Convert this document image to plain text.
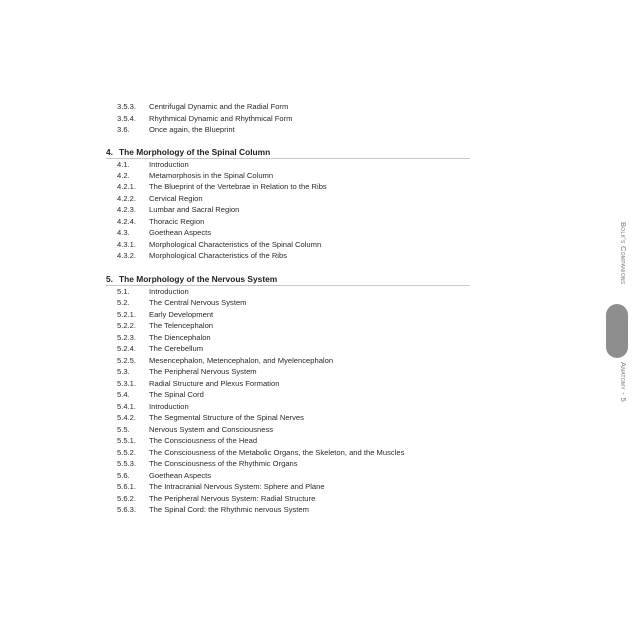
3.5.3. Centrifugal Dynamic and the Radial Form
3.5.4. Rhythmical Dynamic and Rhythmical Form
3.6.	Once again, the Blueprint
4. The Morphology of the Spinal Column
4.1.	Introduction
4.2.	Metamorphosis in the Spinal Column
4.2.1. The Blueprint of the Vertebrae in Relation to the Ribs
4.2.2. Cervical Region
4.2.3. Lumbar and Sacral Region
4.2.4. Thoracic Region
4.3.	Goethean Aspects
4.3.1. Morphological Characteristics of the Spinal Column
4.3.2. Morphological Characteristics of the Ribs
5. The Morphology of the Nervous System
5.1.	Introduction
5.2.	The Central Nervous System
5.2.1. Early Development
5.2.2. The Telencephalon
5.2.3. The Diencephalon
5.2.4. The Cerebellum
5.2.5. Mesencephalon, Metencephalon, and Myelencephalon
5.3.	The Peripheral Nervous System
5.3.1. Radial Structure and Plexus Formation
5.4.	The Spinal Cord
5.4.1. Introduction
5.4.2. The Segmental Structure of the Spinal Nerves
5.5.	Nervous System and Consciousness
5.5.1. The Consciousness of the Head
5.5.2. The Consciousness of the Metabolic Organs, the Skeleton, and the Muscles
5.5.3. The Consciousness of the Rhythmic Organs
5.6.	Goethean Aspects
5.6.1. The Intracranial Nervous System: Sphere and Plane
5.6.2. The Peripheral Nervous System: Radial Structure
5.6.3. The Spinal Cord: the Rhythmic nervous System
Bolk's Companions
Anatomy - 5
